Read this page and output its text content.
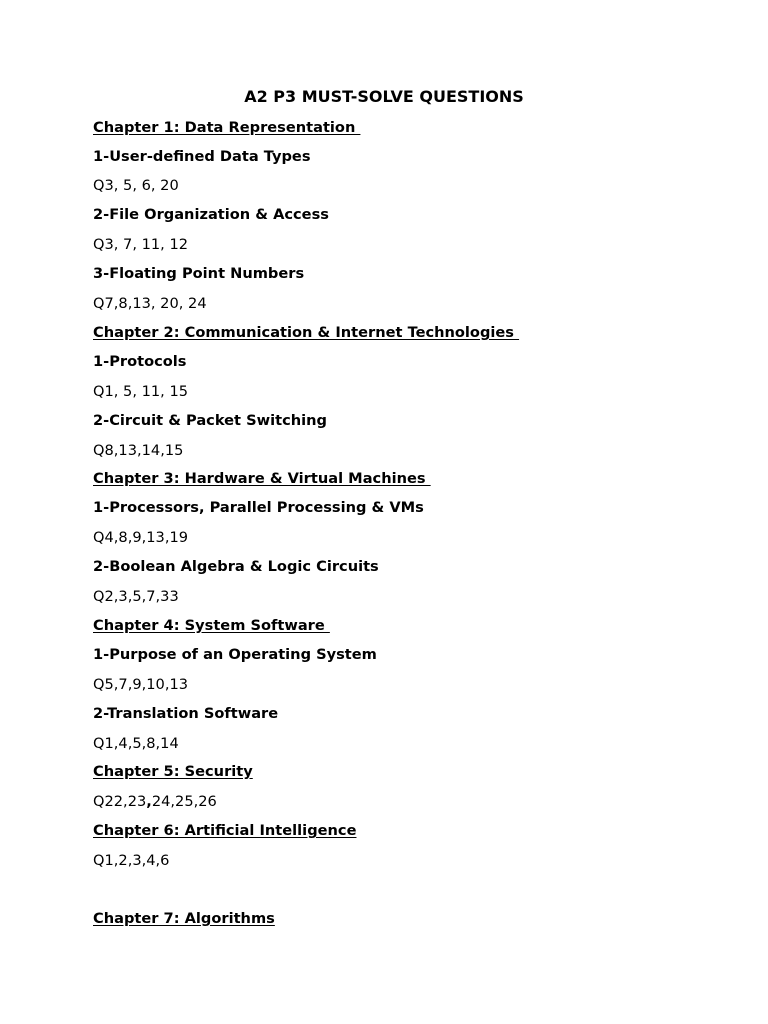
A2 P3 MUST-SOLVE QUESTIONS
Chapter 1: Data Representation
1-User-defined Data Types
Q3, 5, 6, 20
2-File Organization & Access
Q3, 7, 11, 12
3-Floating Point Numbers
Q7,8,13, 20, 24
Chapter 2: Communication & Internet Technologies
1-Protocols
Q1, 5, 11, 15
2-Circuit & Packet Switching
Q8,13,14,15
Chapter 3: Hardware & Virtual Machines
1-Processors, Parallel Processing & VMs
Q4,8,9,13,19
2-Boolean Algebra & Logic Circuits
Q2,3,5,7,33
Chapter 4: System Software
1-Purpose of an Operating System
Q5,7,9,10,13
2-Translation Software
Q1,4,5,8,14
Chapter 5: Security
Q22,23,24,25,26
Chapter 6: Artificial Intelligence
Q1,2,3,4,6
Chapter 7: Algorithms
